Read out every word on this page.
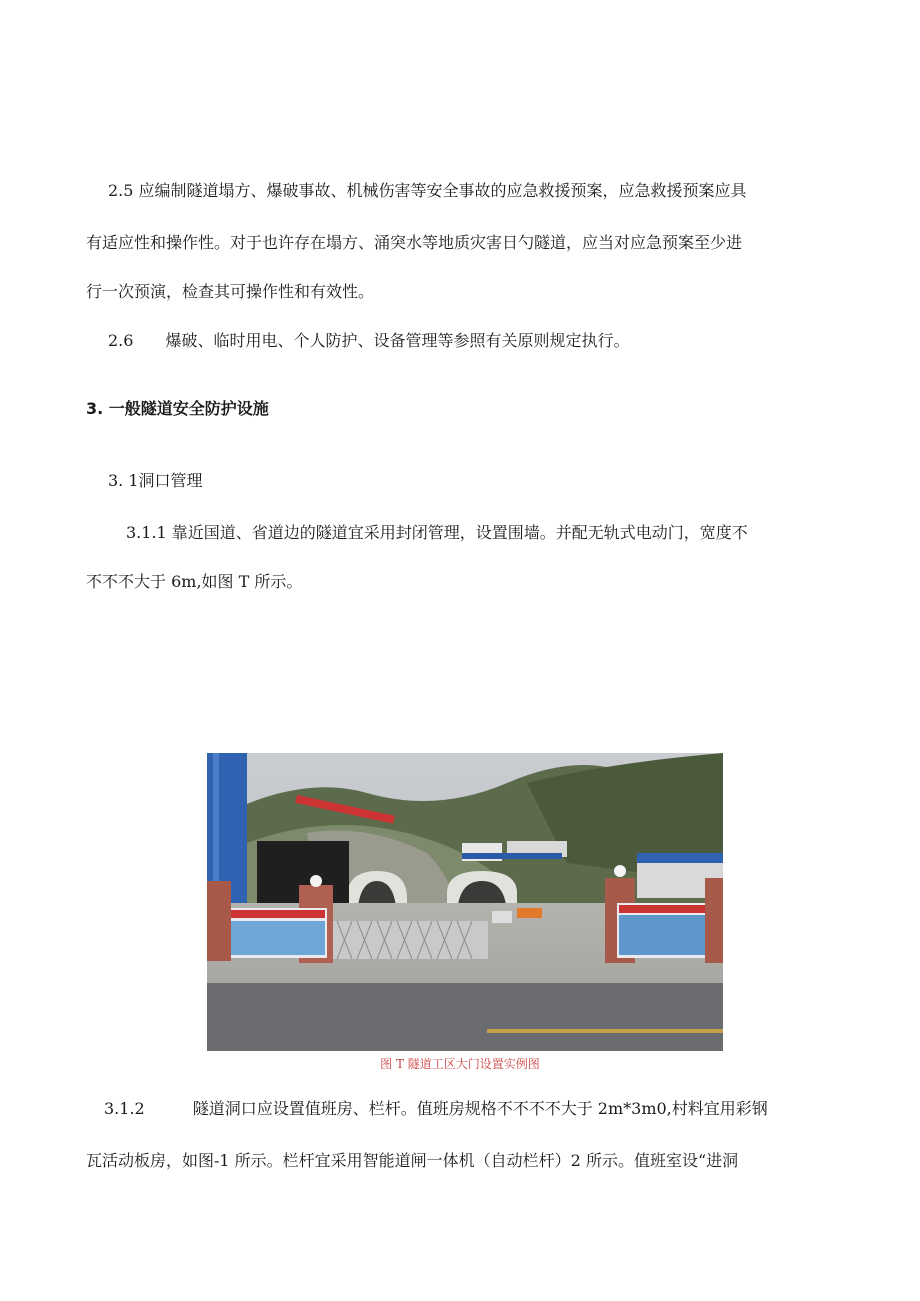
2.5 应编制隧道塌方、爆破事故、机械伤害等安全事故的应急救援预案，应急救援预案应具
有适应性和操作性。对于也许存在塌方、涌突水等地质灾害日勺隧道，应当对应急预案至少进
行一次预演，检查其可操作性和有效性。
2.6　　爆破、临时用电、个人防护、设备管理等参照有关原则规定执行。
3. 一般隧道安全防护设施
3. 1洞口管理
3.1.1 靠近国道、省道边的隧道宜采用封闭管理，设置围墙。并配无轨式电动门，宽度不
不不不大于 6m,如图 T 所示。
图 T 隧道工区大门设置实例图
3.1.2　　　隧道洞口应设置值班房、栏杆。值班房规格不不不不大于 2m*3m0,村料宜用彩钢
瓦活动板房，如图-1 所示。栏杆宜采用智能道闸一体机（自动栏杆）2 所示。值班室设“进洞
